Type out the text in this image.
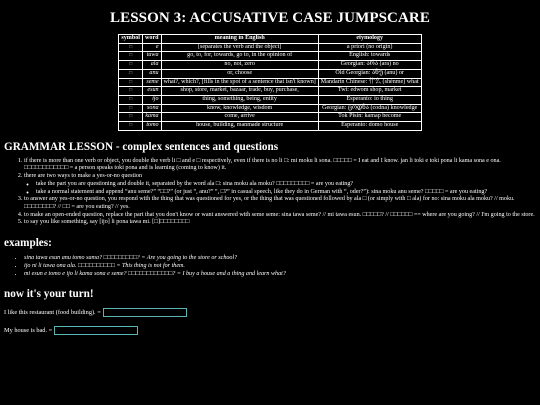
LESSON 3: ACCUSATIVE CASE JUMPSCARE
symbol	word	meaning in English	etymology
□	e	[separates the verb and the object]	a priori (no origin)
□	tawa	go, to, for, towards, go to, in the opinion of	English: towards
□	ala	no, not, zero	Georgian: არა (ara) no
□	anu	or, choose	Old Georgian: ანუ (anu) or
□	seme	what?, which?, [fills in the spot of a sentence that isn't known]	Mandarin Chinese: 什么 (shénme) what
□	esun	shop, store, market, bazaar, trade, buy, purchase,	Twi: edwom shop, market
□	ijo	thing, something, being, entity	Esperanto: io thing
□	sona	know, knowledge, wisdom	Georgian: ცოდნა (codna) knowledge
□	kama	come, arrive	Tok Pisin: kamap become
□	tomo	house, building, manmade structure	Esperanto: domo house
GRAMMAR LESSON - complex sentences and questions
1. if there is more than one verb or object, you double the verb li □ and e □ respectively, even if there is no li □: mi moku li sona. □□□□□ = I eat and I know. jan li toki e toki pona li kama sona e ona. □□□□□□□□□□□□ = a person speaks toki pona and is learning (coming to know) it.
2. there are two ways to make a yes-or-no question
◦ take the part you are questioning and double it, separated by the word ala □: sina moku ala moku? □□□□□□□□□ = are you eating?
◦ take a normal statement and append “anu seme?” “□□?” (or just “, anu?” “, □?” in casual speech, like they do in German with “, oder?”): sina moku anu seme? □□□□□ = are you eating?
3. to answer any yes-or-no question, you respond with the thing that was questioned for yes, or the thing that was questioned followed by ala □ (or simply with □ ala) for no: sina moku ala moku? // moku. □□□□□□□□? // □□ = are you eating? // yes.
4. to make an open-ended question, replace the part that you don't know or want answered with seme seme: sina tawa seme? // mi tawa esun. □□□□□? // □□□□□□ == where are you going? // I'm going to the store.
5. to say you like something, say [ijo] li pona tawa mi. [□]□□□□□□□□
examples:
• sina tawa esun anu tomo sama? □□□□□□□□□? = Are you going to the store or school?
• ijo ni li tawa ona ala. □□□□□□□□□□ = This thing is not for them.
• mi esun e tomo e ijo li kama sona e seme? □□□□□□□□□□□□? = I buy a house and a thing and learn what?
now it's your turn!
I like this restaurant (food building). =
My house is bad. =
